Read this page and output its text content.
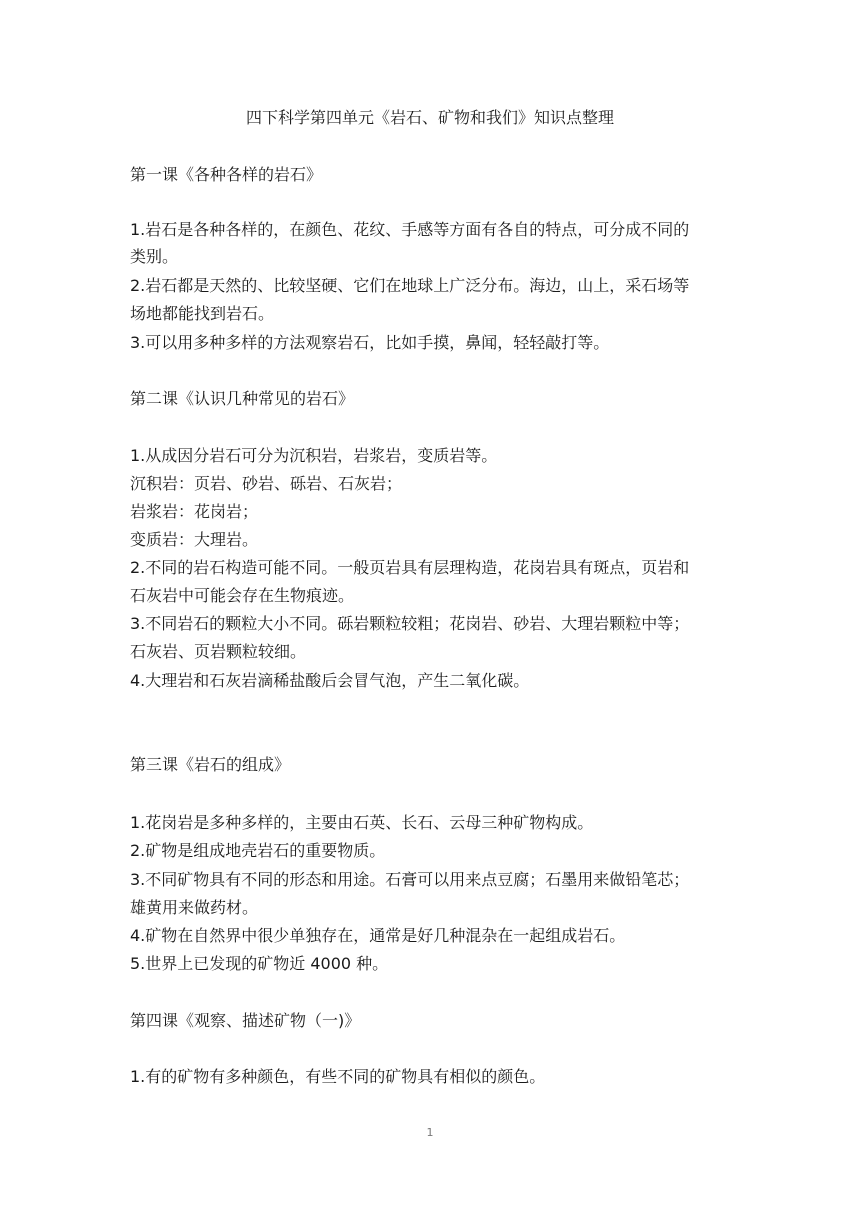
四下科学第四单元《岩石、矿物和我们》知识点整理
第一课《各种各样的岩石》
1.岩石是各种各样的，在颜色、花纹、手感等方面有各自的特点，可分成不同的
类别。
2.岩石都是天然的、比较坚硬、它们在地球上广泛分布。海边，山上，采石场等
场地都能找到岩石。
3.可以用多种多样的方法观察岩石，比如手摸，鼻闻，轻轻敲打等。
第二课《认识几种常见的岩石》
1.从成因分岩石可分为沉积岩，岩浆岩，变质岩等。
沉积岩：页岩、砂岩、砾岩、石灰岩；
岩浆岩：花岗岩；
变质岩：大理岩。
2.不同的岩石构造可能不同。一般页岩具有层理构造，花岗岩具有斑点，页岩和
石灰岩中可能会存在生物痕迹。
3.不同岩石的颗粒大小不同。砾岩颗粒较粗；花岗岩、砂岩、大理岩颗粒中等；
石灰岩、页岩颗粒较细。
4.大理岩和石灰岩滴稀盐酸后会冒气泡，产生二氧化碳。
第三课《岩石的组成》
1.花岗岩是多种多样的，主要由石英、长石、云母三种矿物构成。
2.矿物是组成地壳岩石的重要物质。
3.不同矿物具有不同的形态和用途。石膏可以用来点豆腐；石墨用来做铅笔芯；
雄黄用来做药材。
4.矿物在自然界中很少单独存在，通常是好几种混杂在一起组成岩石。
5.世界上已发现的矿物近 4000 种。
第四课《观察、描述矿物（一)》
1.有的矿物有多种颜色，有些不同的矿物具有相似的颜色。
1
